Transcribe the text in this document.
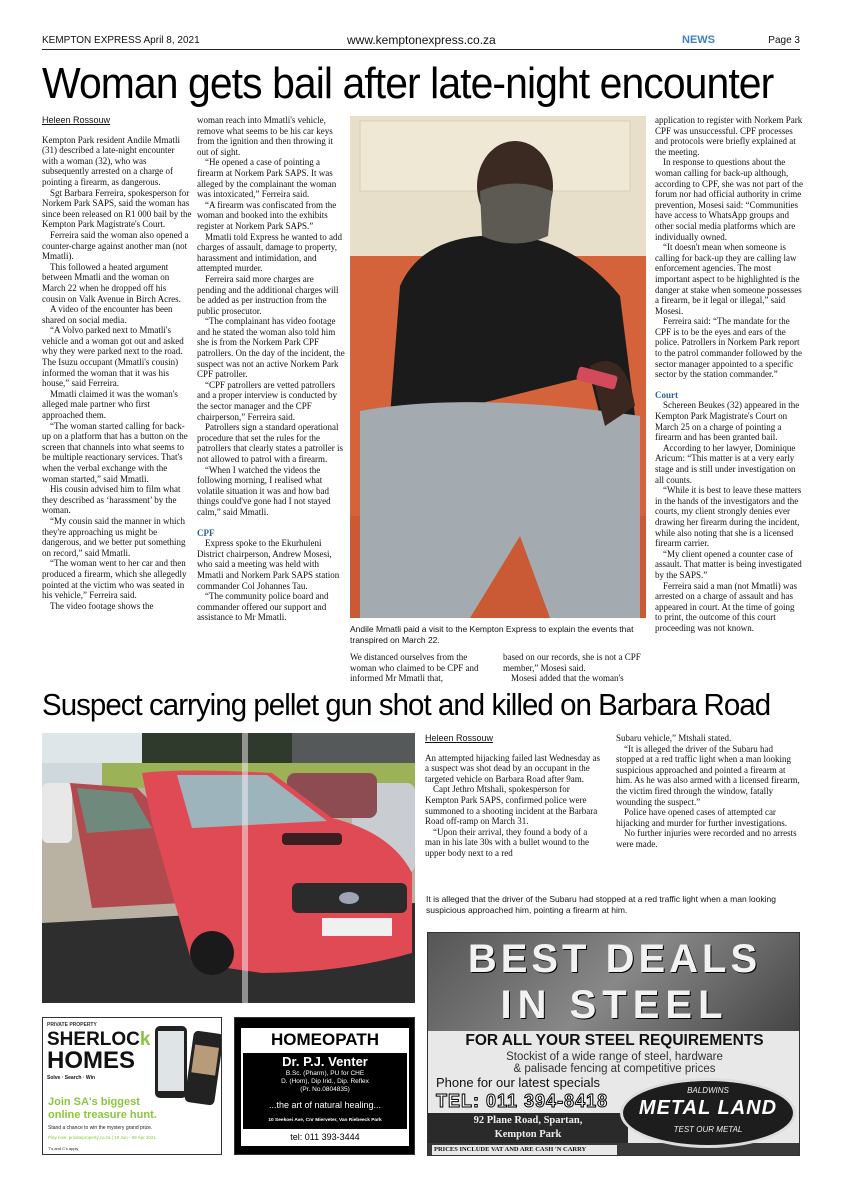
KEMPTON EXPRESS April 8, 2021	www.kemptonexpress.co.za	NEWS	Page 3
Woman gets bail after late-night encounter
Heleen Rossouw

Kempton Park resident Andile Mmatli (31) described a late-night encounter with a woman (32), who was subsequently arrested on a charge of pointing a firearm, as dangerous.

Sgt Barbara Ferreira, spokesperson for Norkem Park SAPS, said the woman has since been released on R1 000 bail by the Kempton Park Magistrate's Court.

Ferreira said the woman also opened a counter-charge against another man (not Mmatli).

This followed a heated argument between Mmatli and the woman on March 22 when he dropped off his cousin on Valk Avenue in Birch Acres.

A video of the encounter has been shared on social media.

“A Volvo parked next to Mmatli's vehicle and a woman got out and asked why they were parked next to the road. The Isuzu occupant (Mmatli's cousin) informed the woman that it was his house,” said Ferreira.

Mmatli claimed it was the woman's alleged male partner who first approached them.

“The woman started calling for back-up on a platform that has a button on the screen that channels into what seems to be multiple reactionary services. That's when the verbal exchange with the woman started,” said Mmatli.

His cousin advised him to film what they described as ‘harassment’ by the woman.

“My cousin said the manner in which they're approaching us might be dangerous, and we better put something on record,” said Mmatli.

“The woman went to her car and then produced a firearm, which she allegedly pointed at the victim who was seated in his vehicle,” Ferreira said.

The video footage shows the

woman reach into Mmatli's vehicle, remove what seems to be his car keys from the ignition and then throwing it out of sight.

“He opened a case of pointing a firearm at Norkem Park SAPS. It was alleged by the complainant the woman was intoxicated,” Ferreira said.

“A firearm was confiscated from the woman and booked into the exhibits register at Norkem Park SAPS.”

Mmatli told Express he wanted to add charges of assault, damage to property, harassment and intimidation, and attempted murder.

Ferreira said more charges are pending and the additional charges will be added as per instruction from the public prosecutor.

“The complainant has video footage and he stated the woman also told him she is from the Norkem Park CPF patrollers. On the day of the incident, the suspect was not an active Norkem Park CPF patroller.

“CPF patrollers are vetted patrollers and a proper interview is conducted by the sector manager and the CPF chairperson,” Ferreira said.

Patrollers sign a standard operational procedure that set the rules for the patrollers that clearly states a patroller is not allowed to patrol with a firearm.

“When I watched the videos the following morning, I realised what volatile situation it was and how bad things could've gone had I not stayed calm,” said Mmatli.

CPF

Express spoke to the Ekurhuleni District chairperson, Andrew Mosesi, who said a meeting was held with Mmatli and Norkem Park SAPS station commander Col Johannes Tau.

“The community police board and commander offered our support and assistance to Mr Mmatli.

Andile Mmatli paid a visit to the Kempton Express to explain the events that transpired on March 22.

We distanced ourselves from the woman who claimed to be CPF and informed Mr Mmatli that,

based on our records, she is not a CPF member,” Mosesi said.

Mosesi added that the woman's

application to register with Norkem Park CPF was unsuccessful. CPF processes and protocols were briefly explained at the meeting.

In response to questions about the woman calling for back-up although, according to CPF, she was not part of the forum nor had official authority in crime prevention, Mosesi said: “Communities have access to WhatsApp groups and other social media platforms which are individually owned.

“It doesn't mean when someone is calling for back-up they are calling law enforcement agencies. The most important aspect to be highlighted is the danger at stake when someone possesses a firearm, be it legal or illegal,” said Mosesi.

Ferreira said: “The mandate for the CPF is to be the eyes and ears of the police. Patrollers in Norkem Park report to the patrol commander followed by the sector manager appointed to a specific sector by the station commander.”

Court

Schereen Beukes (32) appeared in the Kempton Park Magistrate's Court on March 25 on a charge of pointing a firearm and has been granted bail.

According to her lawyer, Dominique Aricum: “This matter is at a very early stage and is still under investigation on all counts.

“While it is best to leave these matters in the hands of the investigators and the courts, my client strongly denies ever drawing her firearm during the incident, while also noting that she is a licensed firearm carrier.

“My client opened a counter case of assault. That matter is being investigated by the SAPS.”

Ferreira said a man (not Mmatli) was arrested on a charge of assault and has appeared in court. At the time of going to print, the outcome of this court proceeding was not known.

Suspect carrying pellet gun shot and killed on Barbara Road
Heleen Rossouw

An attempted hijacking failed last Wednesday as a suspect was shot dead by an occupant in the targeted vehicle on Barbara Road after 9am.

Capt Jethro Mtshali, spokesperson for Kempton Park SAPS, confirmed police were summoned to a shooting incident at the Barbara Road off-ramp on March 31.

“Upon their arrival, they found a body of a man in his late 30s with a bullet wound to the upper body next to a red

Subaru vehicle,” Mtshali stated.

“It is alleged the driver of the Subaru had stopped at a red traffic light when a man looking suspicious approached and pointed a firearm at him. As he was also armed with a licensed firearm, the victim fired through the window, fatally wounding the suspect.”

Police have opened cases of attempted car hijacking and murder for further investigations.

No further injuries were recorded and no arrests were made.

It is alleged that the driver of the Subaru had stopped at a red traffic light when a man looking suspicious approached him, pointing a firearm at him.
BEST DEALS
IN STEEL
FOR ALL YOUR STEEL REQUIREMENTS
Stockist of a wide range of steel, hardware
& palisade fencing at competitive prices
Phone for our latest specials
TEL: 011 394-8418
92 Plane Road, Spartan,
Kempton Park
BALDWINS
METAL LAND
TEST OUR METAL
PRICES INCLUDE VAT AND ARE CASH 'N CARRY
PRIVATE PROPERTY
SHERLOCk
HOMES
Solve · Search · Win
Join SA's biggest
online treasure hunt.
Stand a chance to win the mystery grand prize.
Play now: privateproperty.co.za | 19 Jun - 09 Apr 2021
T's and C's apply
HOMEOPATH
Dr. P.J. Venter
B.Sc. (Pharm), PU for CHE
D. (Hom), Dip Irid., Dip. Reflex
(Pr. No.0804835)
...the art of natural healing...
10 Seekoei Ave, Cnr Mierveter, Van Riebeeck Park
tel: 011 393-3444
